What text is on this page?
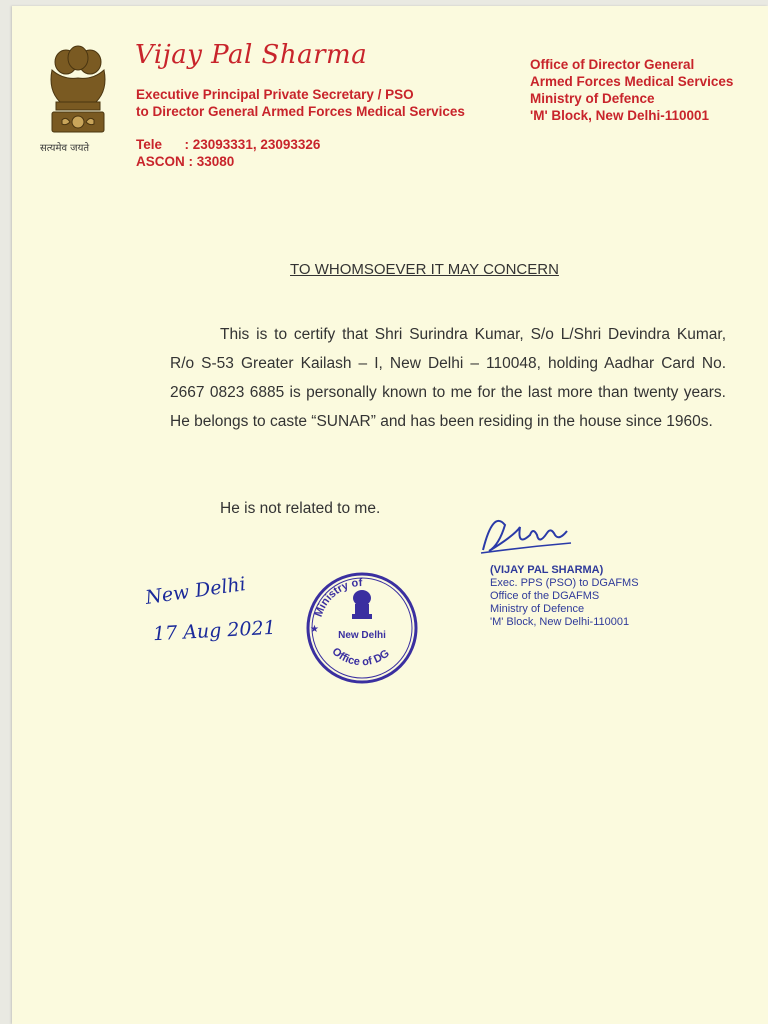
सत्यमेव जयते
Vijay Pal Sharma
Executive Principal Private Secretary / PSO
to Director General Armed Forces Medical Services
Tele      : 23093331, 23093326
ASCON : 33080
Office of Director General
Armed Forces Medical Services
Ministry of Defence
'M' Block, New Delhi-110001
TO WHOMSOEVER IT MAY CONCERN
This is to certify that Shri Surindra Kumar, S/o L/Shri Devindra Kumar, R/o S-53 Greater Kailash – I, New Delhi – 110048, holding Aadhar Card No. 2667 0823 6885 is personally known to me for the last more than twenty years. He belongs to caste “SUNAR” and has been residing in the house since 1960s.
He is not related to me.
(VIJAY PAL SHARMA)
Exec. PPS (PSO) to DGAFMS
Office of the DGAFMS
Ministry of Defence
'M' Block, New Delhi-110001
New Delhi
17 Aug 2021
Ministry of
Office of DG
New Delhi
★
